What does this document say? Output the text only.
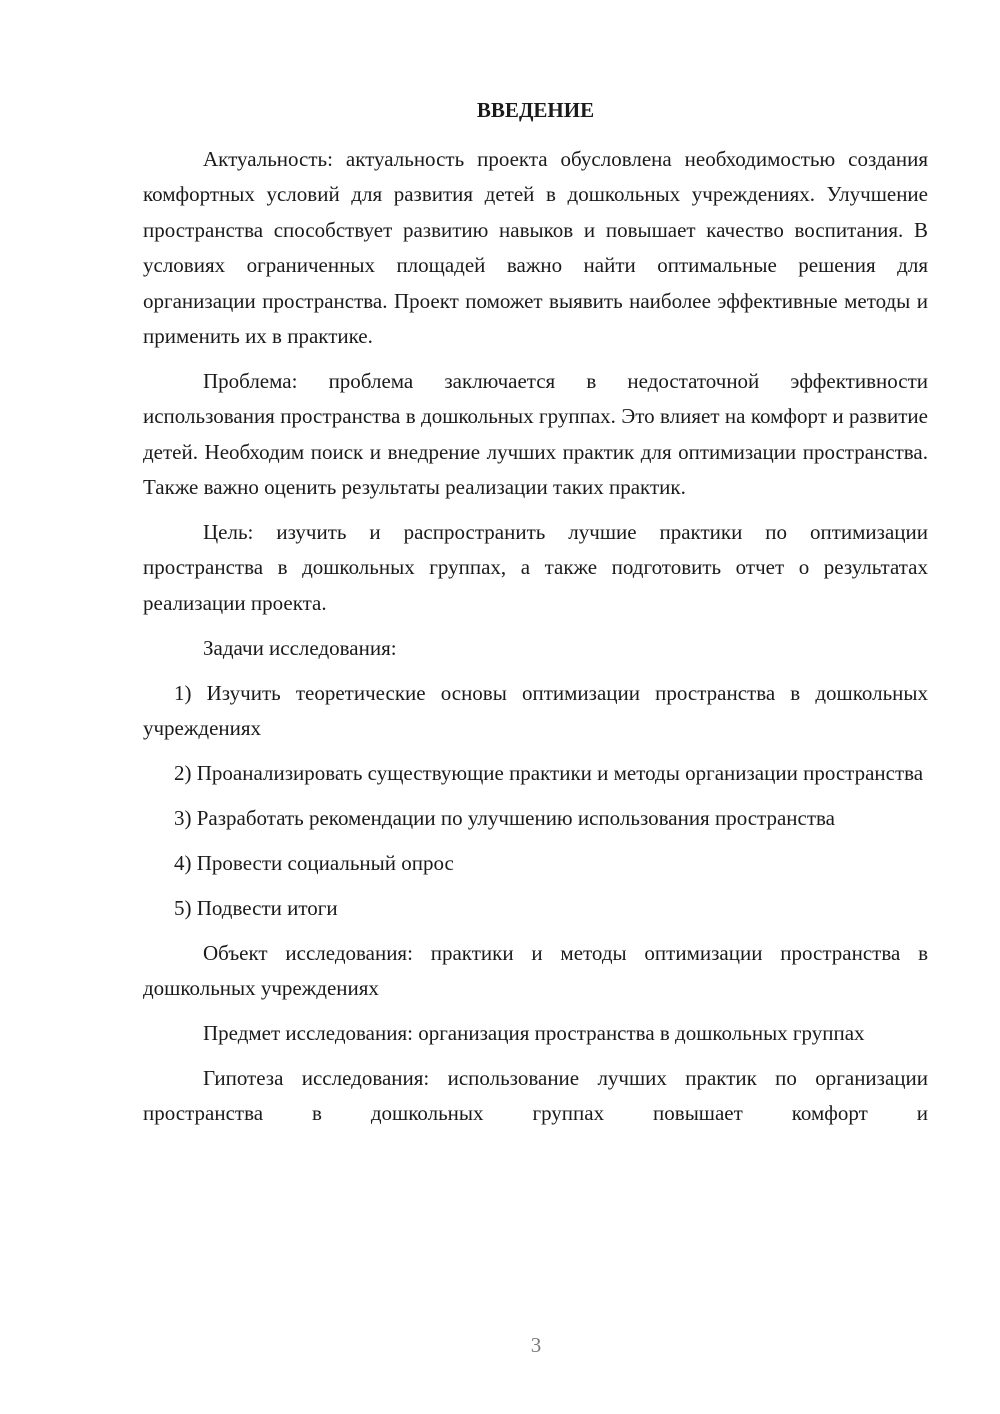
ВВЕДЕНИЕ

Актуальность: актуальность проекта обусловлена необходимостью создания комфортных условий для развития детей в дошкольных учреждениях. Улучшение пространства способствует развитию навыков и повышает качество воспитания. В условиях ограниченных площадей важно найти оптимальные решения для организации пространства. Проект поможет выявить наиболее эффективные методы и применить их в практике.

Проблема: проблема заключается в недостаточной эффективности использования пространства в дошкольных группах. Это влияет на комфорт и развитие детей. Необходим поиск и внедрение лучших практик для оптимизации пространства. Также важно оценить результаты реализации таких практик.

Цель: изучить и распространить лучшие практики по оптимизации пространства в дошкольных группах, а также подготовить отчет о результатах реализации проекта.

Задачи исследования:

1) Изучить теоретические основы оптимизации пространства в дошкольных учреждениях

2) Проанализировать существующие практики и методы организации пространства

3) Разработать рекомендации по улучшению использования пространства

4) Провести социальный опрос

5) Подвести итоги

Объект исследования: практики и методы оптимизации пространства в дошкольных учреждениях

Предмет исследования: организация пространства в дошкольных группах

Гипотеза исследования: использование лучших практик по организации пространства в дошкольных группах повышает комфорт и

3
